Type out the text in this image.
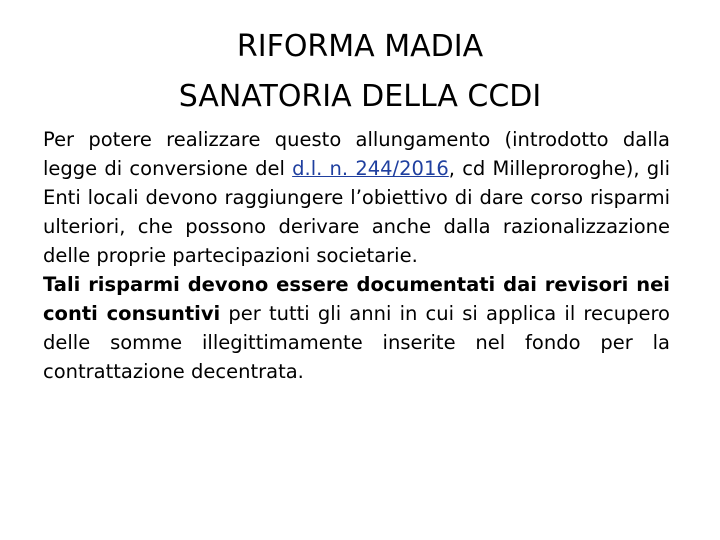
RIFORMA MADIA
SANATORIA DELLA CCDI

Per potere realizzare questo allungamento (introdotto dalla legge di conversione del d.l. n. 244/2016, cd Milleproroghe), gli Enti locali devono raggiungere l’obiettivo di dare corso risparmi ulteriori, che possono derivare anche dalla razionalizzazione delle proprie partecipazioni societarie.

Tali risparmi devono essere documentati dai revisori nei conti consuntivi per tutti gli anni in cui si applica il recupero delle somme illegittimamente inserite nel fondo per la contrattazione decentrata.
